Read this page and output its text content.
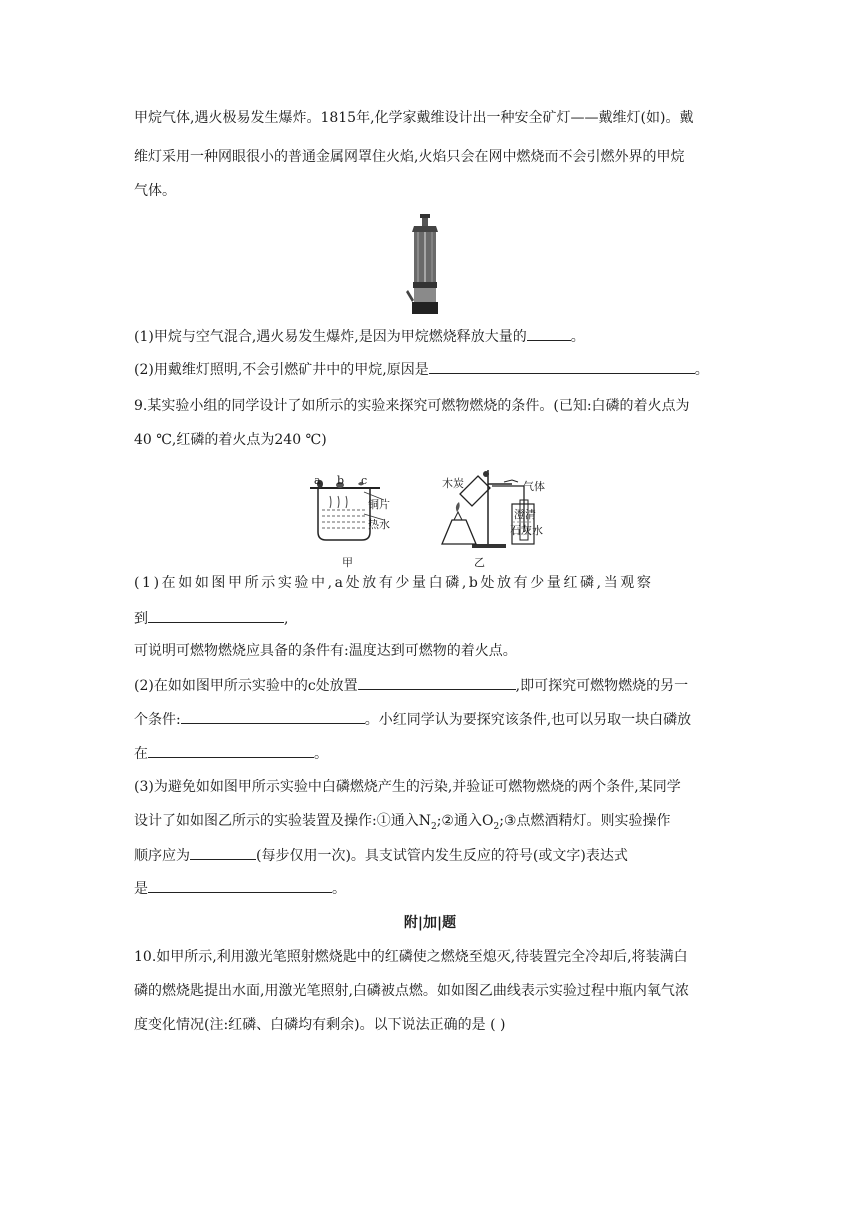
甲烷气体,遇火极易发生爆炸。1815年,化学家戴维设计出一种安全矿灯——戴维灯(如)。戴
维灯采用一种网眼很小的普通金属网罩住火焰,火焰只会在网中燃烧而不会引燃外界的甲烷
气体。
(1)甲烷与空气混合,遇火易发生爆炸,是因为甲烷燃烧释放大量的	。
(2)用戴维灯照明,不会引燃矿井中的甲烷,原因是	。
9.某实验小组的同学设计了如所示的实验来探究可燃物燃烧的条件。(已知:白磷的着火点为
40 ℃,红磷的着火点为240 ℃)
a b c
铜片
热水
甲
木炭	气体
澄清
石灰水
乙
(1)在如如图甲所示实验中,a处放有少量白磷,b处放有少量红磷,当观察
到	,
可说明可燃物燃烧应具备的条件有:温度达到可燃物的着火点。
(2)在如如图甲所示实验中的c处放置	,即可探究可燃物燃烧的另一
个条件:	。小红同学认为要探究该条件,也可以另取一块白磷放
在	。
(3)为避免如如图甲所示实验中白磷燃烧产生的污染,并验证可燃物燃烧的两个条件,某同学
设计了如如图乙所示的实验装置及操作:①通入$N_2;②$通入$O_2;③$点燃酒精灯。则实验操作
顺序应为	(每步仅用一次)。具支试管内发生反应的符号(或文字)表达式
是	。
附|加|题
10.如甲所示,利用激光笔照射燃烧匙中的红磷使之燃烧至熄灭,待装置完全冷却后,将装满白
磷的燃烧匙提出水面,用激光笔照射,白磷被点燃。如如图乙曲线表示实验过程中瓶内氧气浓
度变化情况(注:红磷、白磷均有剩余)。以下说法正确的是 ( )
